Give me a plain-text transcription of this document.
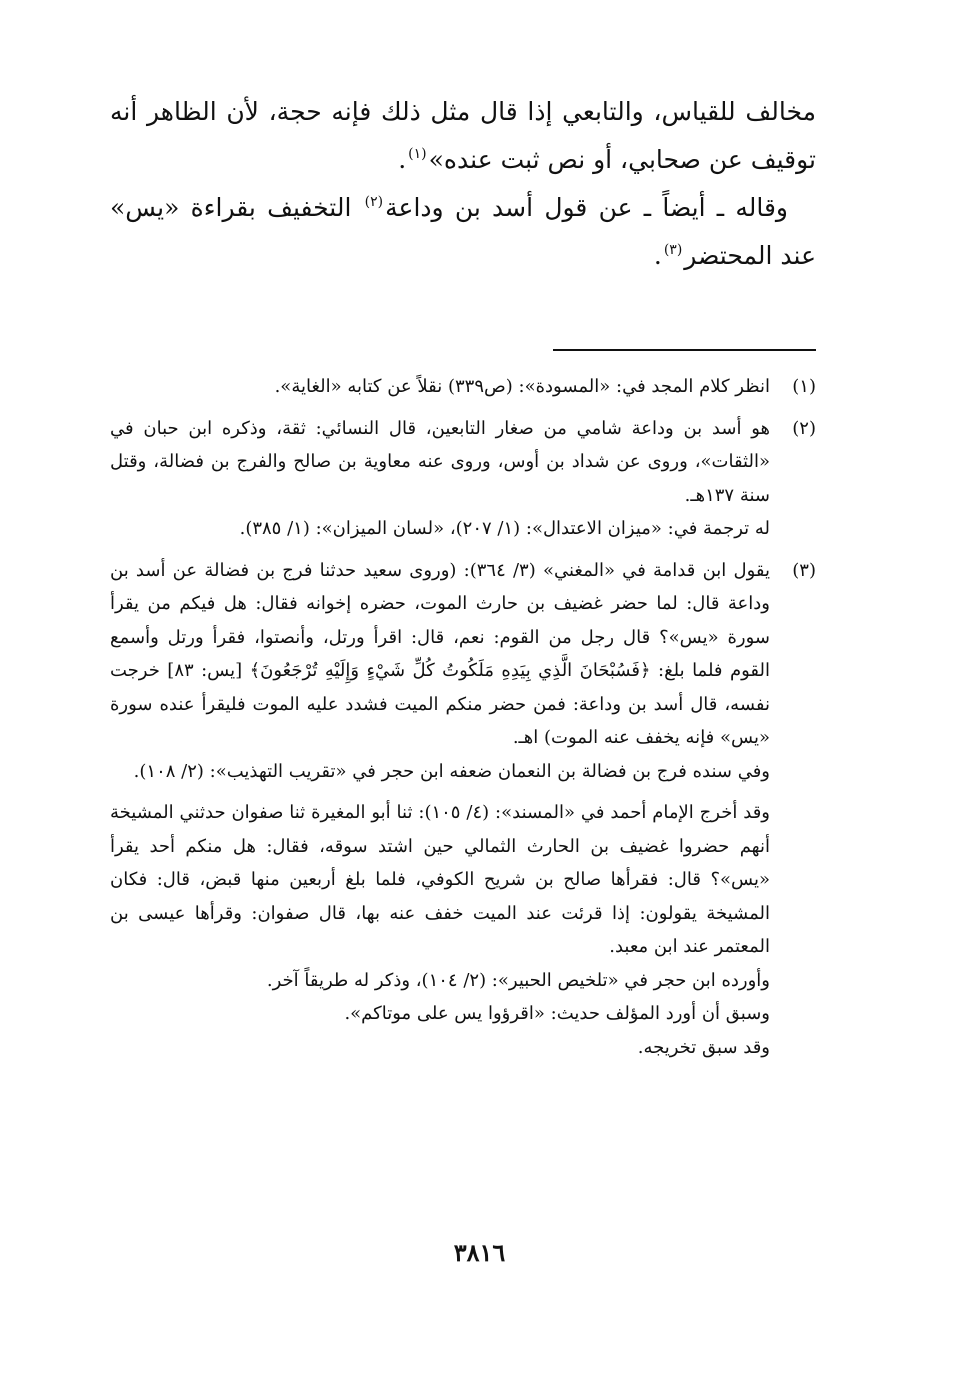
مخالف للقياس، والتابعي إذا قال مثل ذلك فإنه حجة، لأن الظاهر أنه توقيف عن صحابي، أو نص ثبت عنده»$^{(١)}$.

وقاله ـ أيضاً ـ عن قول أسد بن وداعة$^{(٢)}$ التخفيف بقراءة «يس» عند المحتضر$^{(٣)}$.

(١)

انظر كلام المجد في: «المسودة»: (ص٣٣٩) نقلاً عن كتابه «الغاية».

(٢)

هو أسد بن وداعة شامي من صغار التابعين، قال النسائي: ثقة، وذكره ابن حبان في «الثقات»، وروى عن شداد بن أوس، وروى عنه معاوية بن صالح والفرج بن فضالة، وقتل سنة ١٣٧هـ.

له ترجمة في: «ميزان الاعتدال»: (١/ ٢٠٧)، «لسان الميزان»: (١/ ٣٨٥).

(٣)

يقول ابن قدامة في «المغني» (٣/ ٣٦٤): (وروى سعيد حدثنا فرج بن فضالة عن أسد بن وداعة قال: لما حضر غضيف بن حارث الموت، حضره إخوانه فقال: هل فيكم من يقرأ سورة «يس»؟ قال رجل من القوم: نعم، قال: اقرأ ورتل، وأنصتوا، فقرأ ورتل وأسمع القوم فلما بلغ: ﴿فَسُبْحَانَ الَّذِي بِيَدِهِ مَلَكُوتُ كُلِّ شَيْءٍ وَإِلَيْهِ تُرْجَعُونَ﴾ [يس: ٨٣] خرجت نفسه، قال أسد بن وداعة: فمن حضر منكم الميت فشدد عليه الموت فليقرأ عنده سورة «يس» فإنه يخفف عنه الموت) اهـ.

وفي سنده فرج بن فضالة بن النعمان ضعفه ابن حجر في «تقريب التهذيب»: (٢/ ١٠٨).

وقد أخرج الإمام أحمد في «المسند»: (٤/ ١٠٥): ثنا أبو المغيرة ثنا صفوان حدثني المشيخة أنهم حضروا غضيف بن الحارث الثمالي حين اشتد سوقه، فقال: هل منكم أحد يقرأ «يس»؟ قال: فقرأها صالح بن شريح الكوفي، فلما بلغ أربعين منها قبض، قال: فكان المشيخة يقولون: إذا قرئت عند الميت خفف عنه بها، قال صفوان: وقرأها عيسى بن المعتمر عند ابن معبد.

وأورده ابن حجر في «تلخيص الحبير»: (٢/ ١٠٤)، وذكر له طريقاً آخر.

وسبق أن أورد المؤلف حديث: «اقرؤوا يس على موتاكم».

وقد سبق تخريجه.

٣٨١٦
